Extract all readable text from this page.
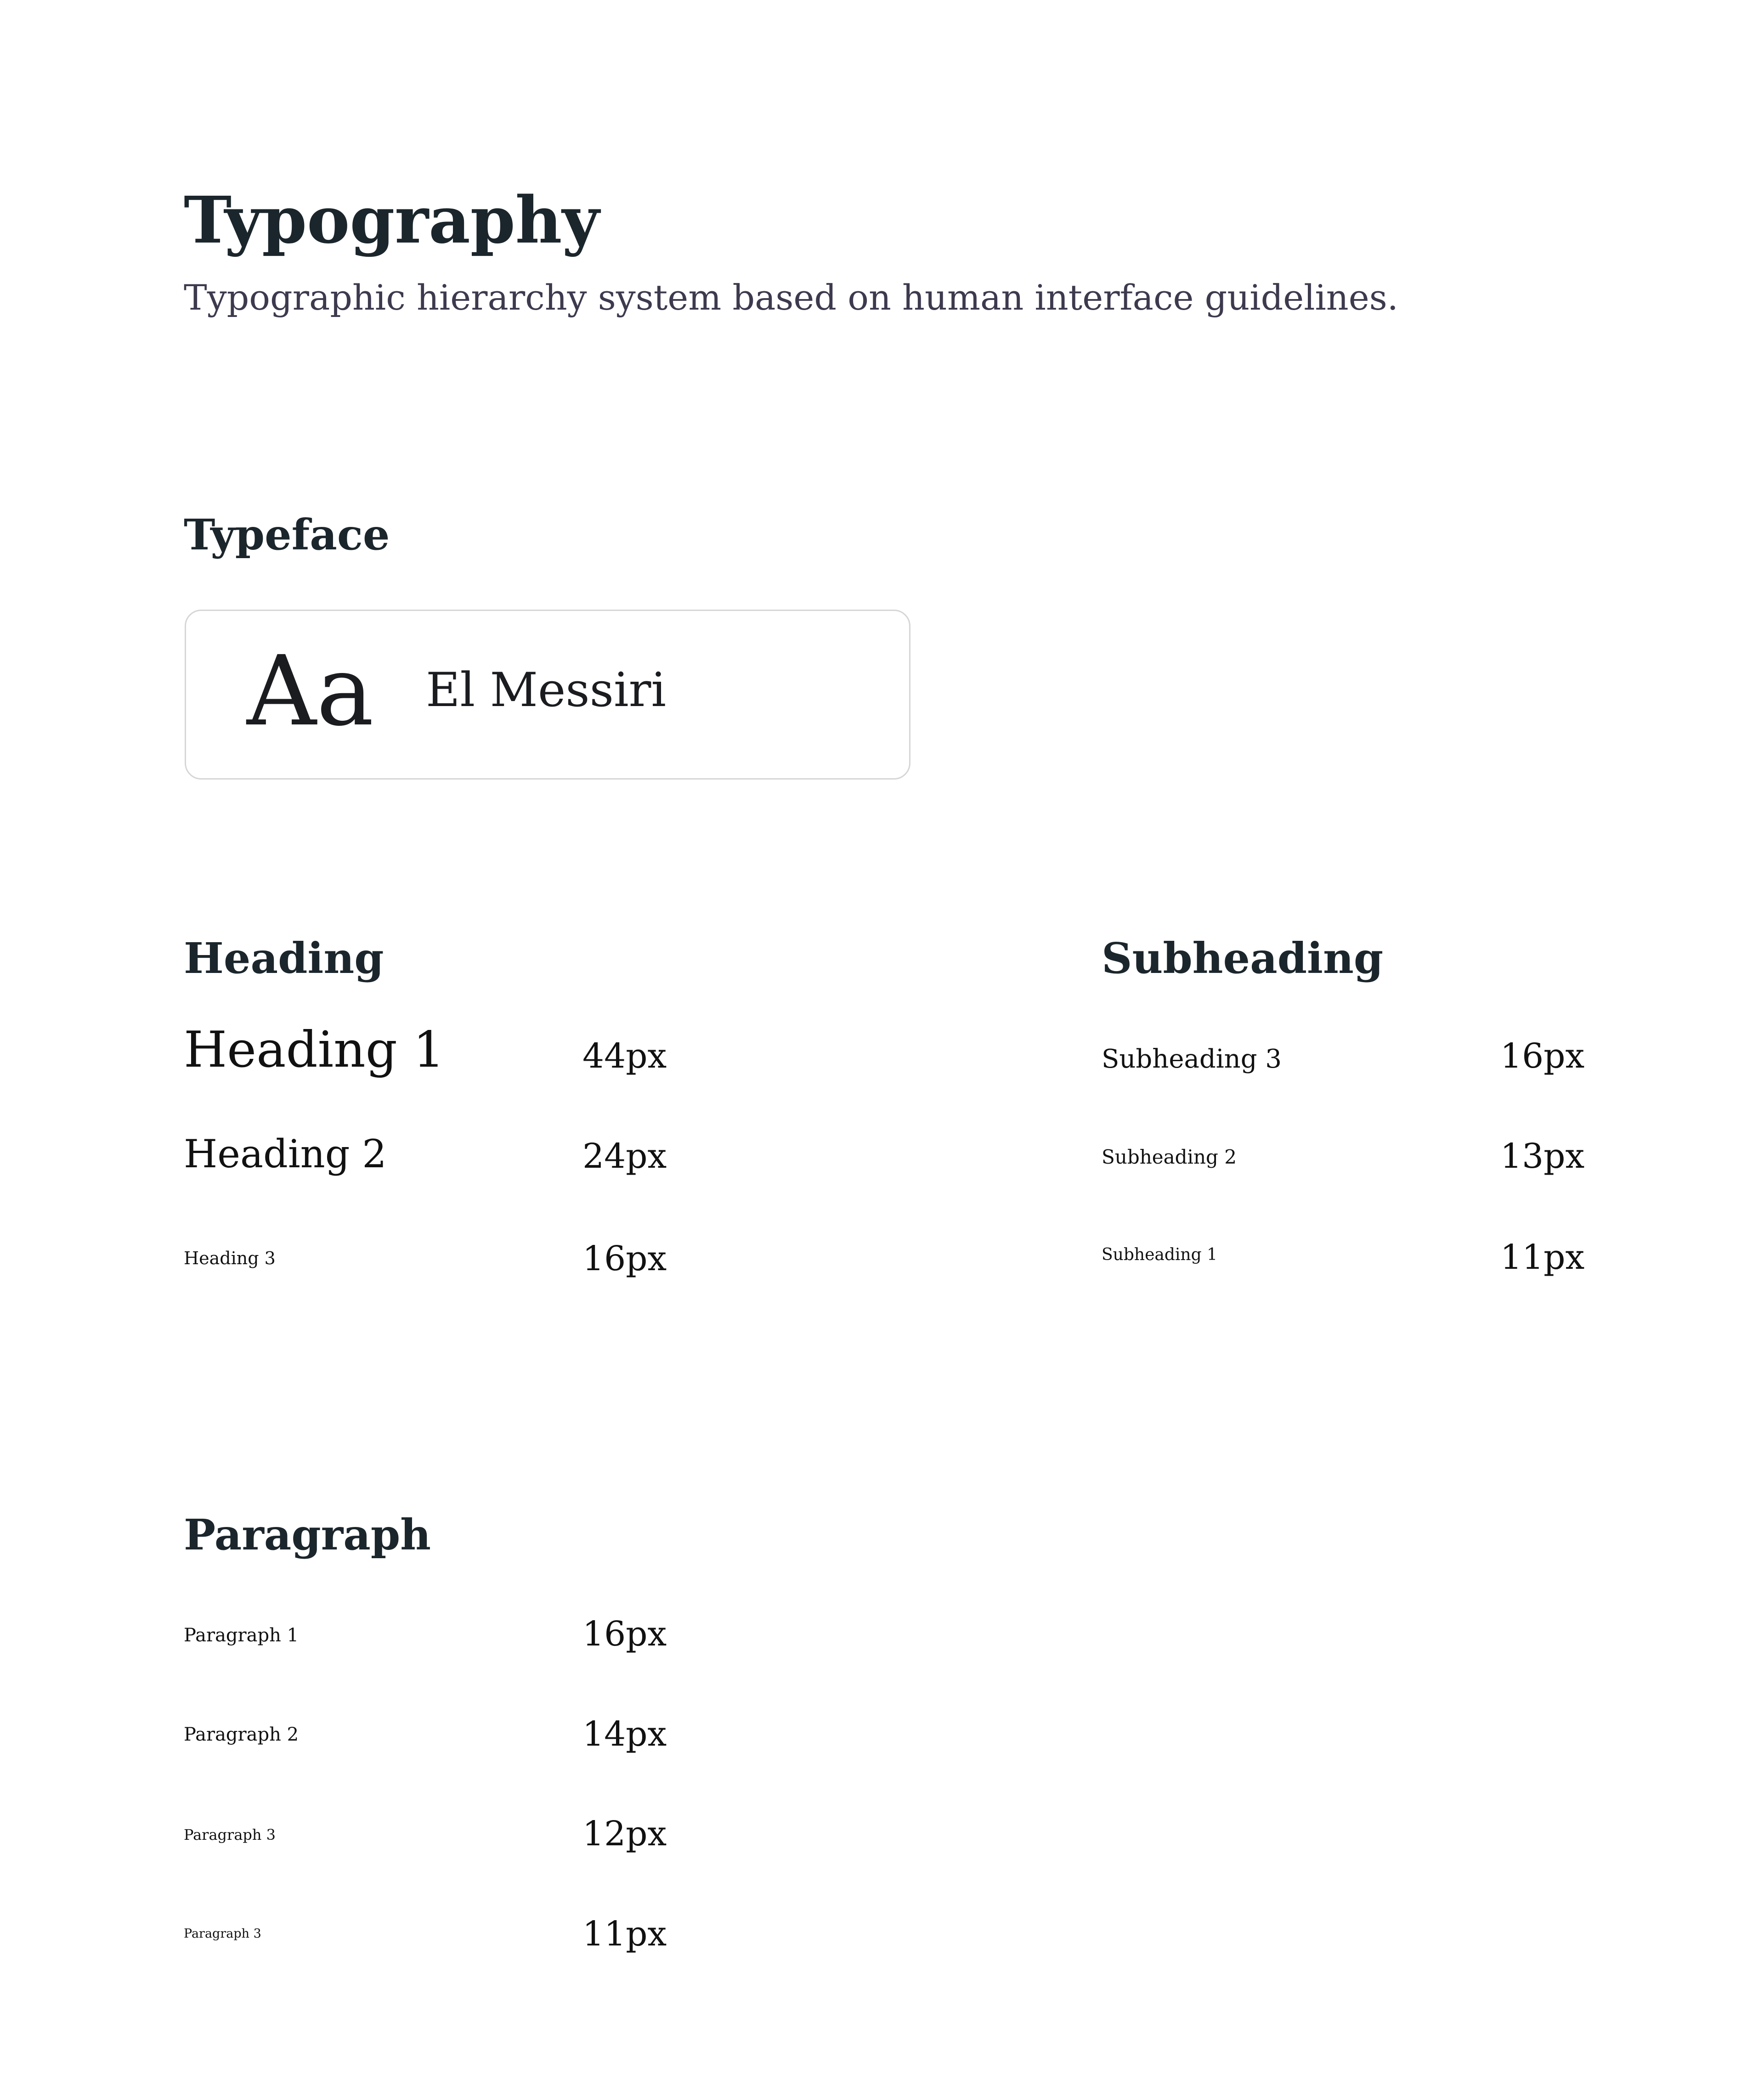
Typography
Typographic hierarchy system based on human interface guidelines.
Typeface
Aa El Messiri
Heading
Heading 1	44px
Heading 2	24px
Heading 3	16px
Subheading
Subheading 3	16px
Subheading 2	13px
Subheading 1	11px
Paragraph
Paragraph 1	16px
Paragraph 2	14px
Paragraph 3	12px
Paragraph 3	11px
